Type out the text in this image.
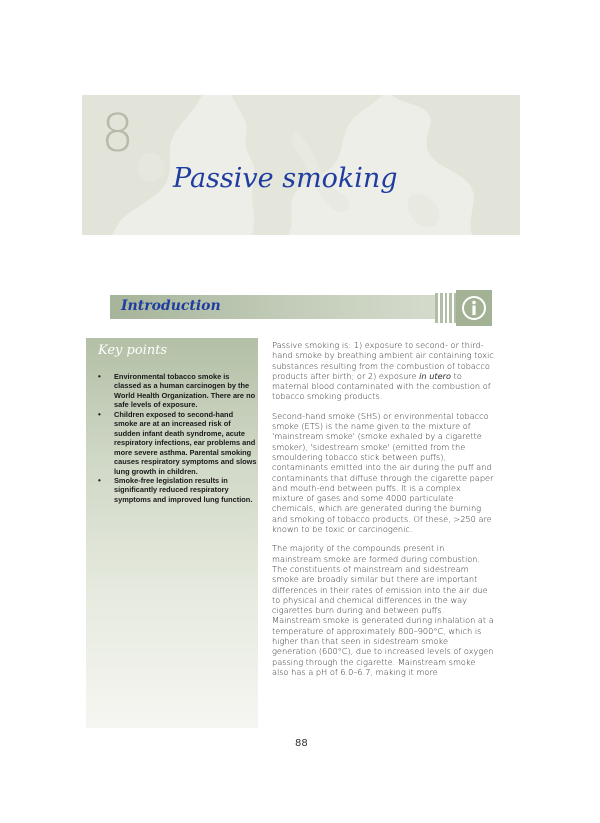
8
Passive smoking
Introduction
Key points
• Environmental tobacco smoke is classed as a human carcinogen by the World Health Organization. There are no safe levels of exposure.
• Children exposed to second-hand smoke are at an increased risk of sudden infant death syndrome, acute respiratory infections, ear problems and more severe asthma. Parental smoking causes respiratory symptoms and slows lung growth in children.
• Smoke-free legislation results in significantly reduced respiratory symptoms and improved lung function.

Passive smoking is: 1) exposure to second- or third-hand smoke by breathing ambient air containing toxic substances resulting from the combustion of tobacco products after birth; or 2) exposure in utero to maternal blood contaminated with the combustion of tobacco smoking products.

Second-hand smoke (SHS) or environmental tobacco smoke (ETS) is the name given to the mixture of 'mainstream smoke' (smoke exhaled by a cigarette smoker), 'sidestream smoke' (emitted from the smouldering tobacco stick between puffs), contaminants emitted into the air during the puff and contaminants that diffuse through the cigarette paper and mouth-end between puffs. It is a complex mixture of gases and some 4000 particulate chemicals, which are generated during the burning and smoking of tobacco products. Of these, >250 are known to be toxic or carcinogenic.

The majority of the compounds present in mainstream smoke are formed during combustion. The constituents of mainstream and sidestream smoke are broadly similar but there are important differences in their rates of emission into the air due to physical and chemical differences in the way cigarettes burn during and between puffs. Mainstream smoke is generated during inhalation at a temperature of approximately 800–900°C, which is higher than that seen in sidestream smoke generation (600°C), due to increased levels of oxygen passing through the cigarette. Mainstream smoke also has a pH of 6.0–6.7, making it more

88
